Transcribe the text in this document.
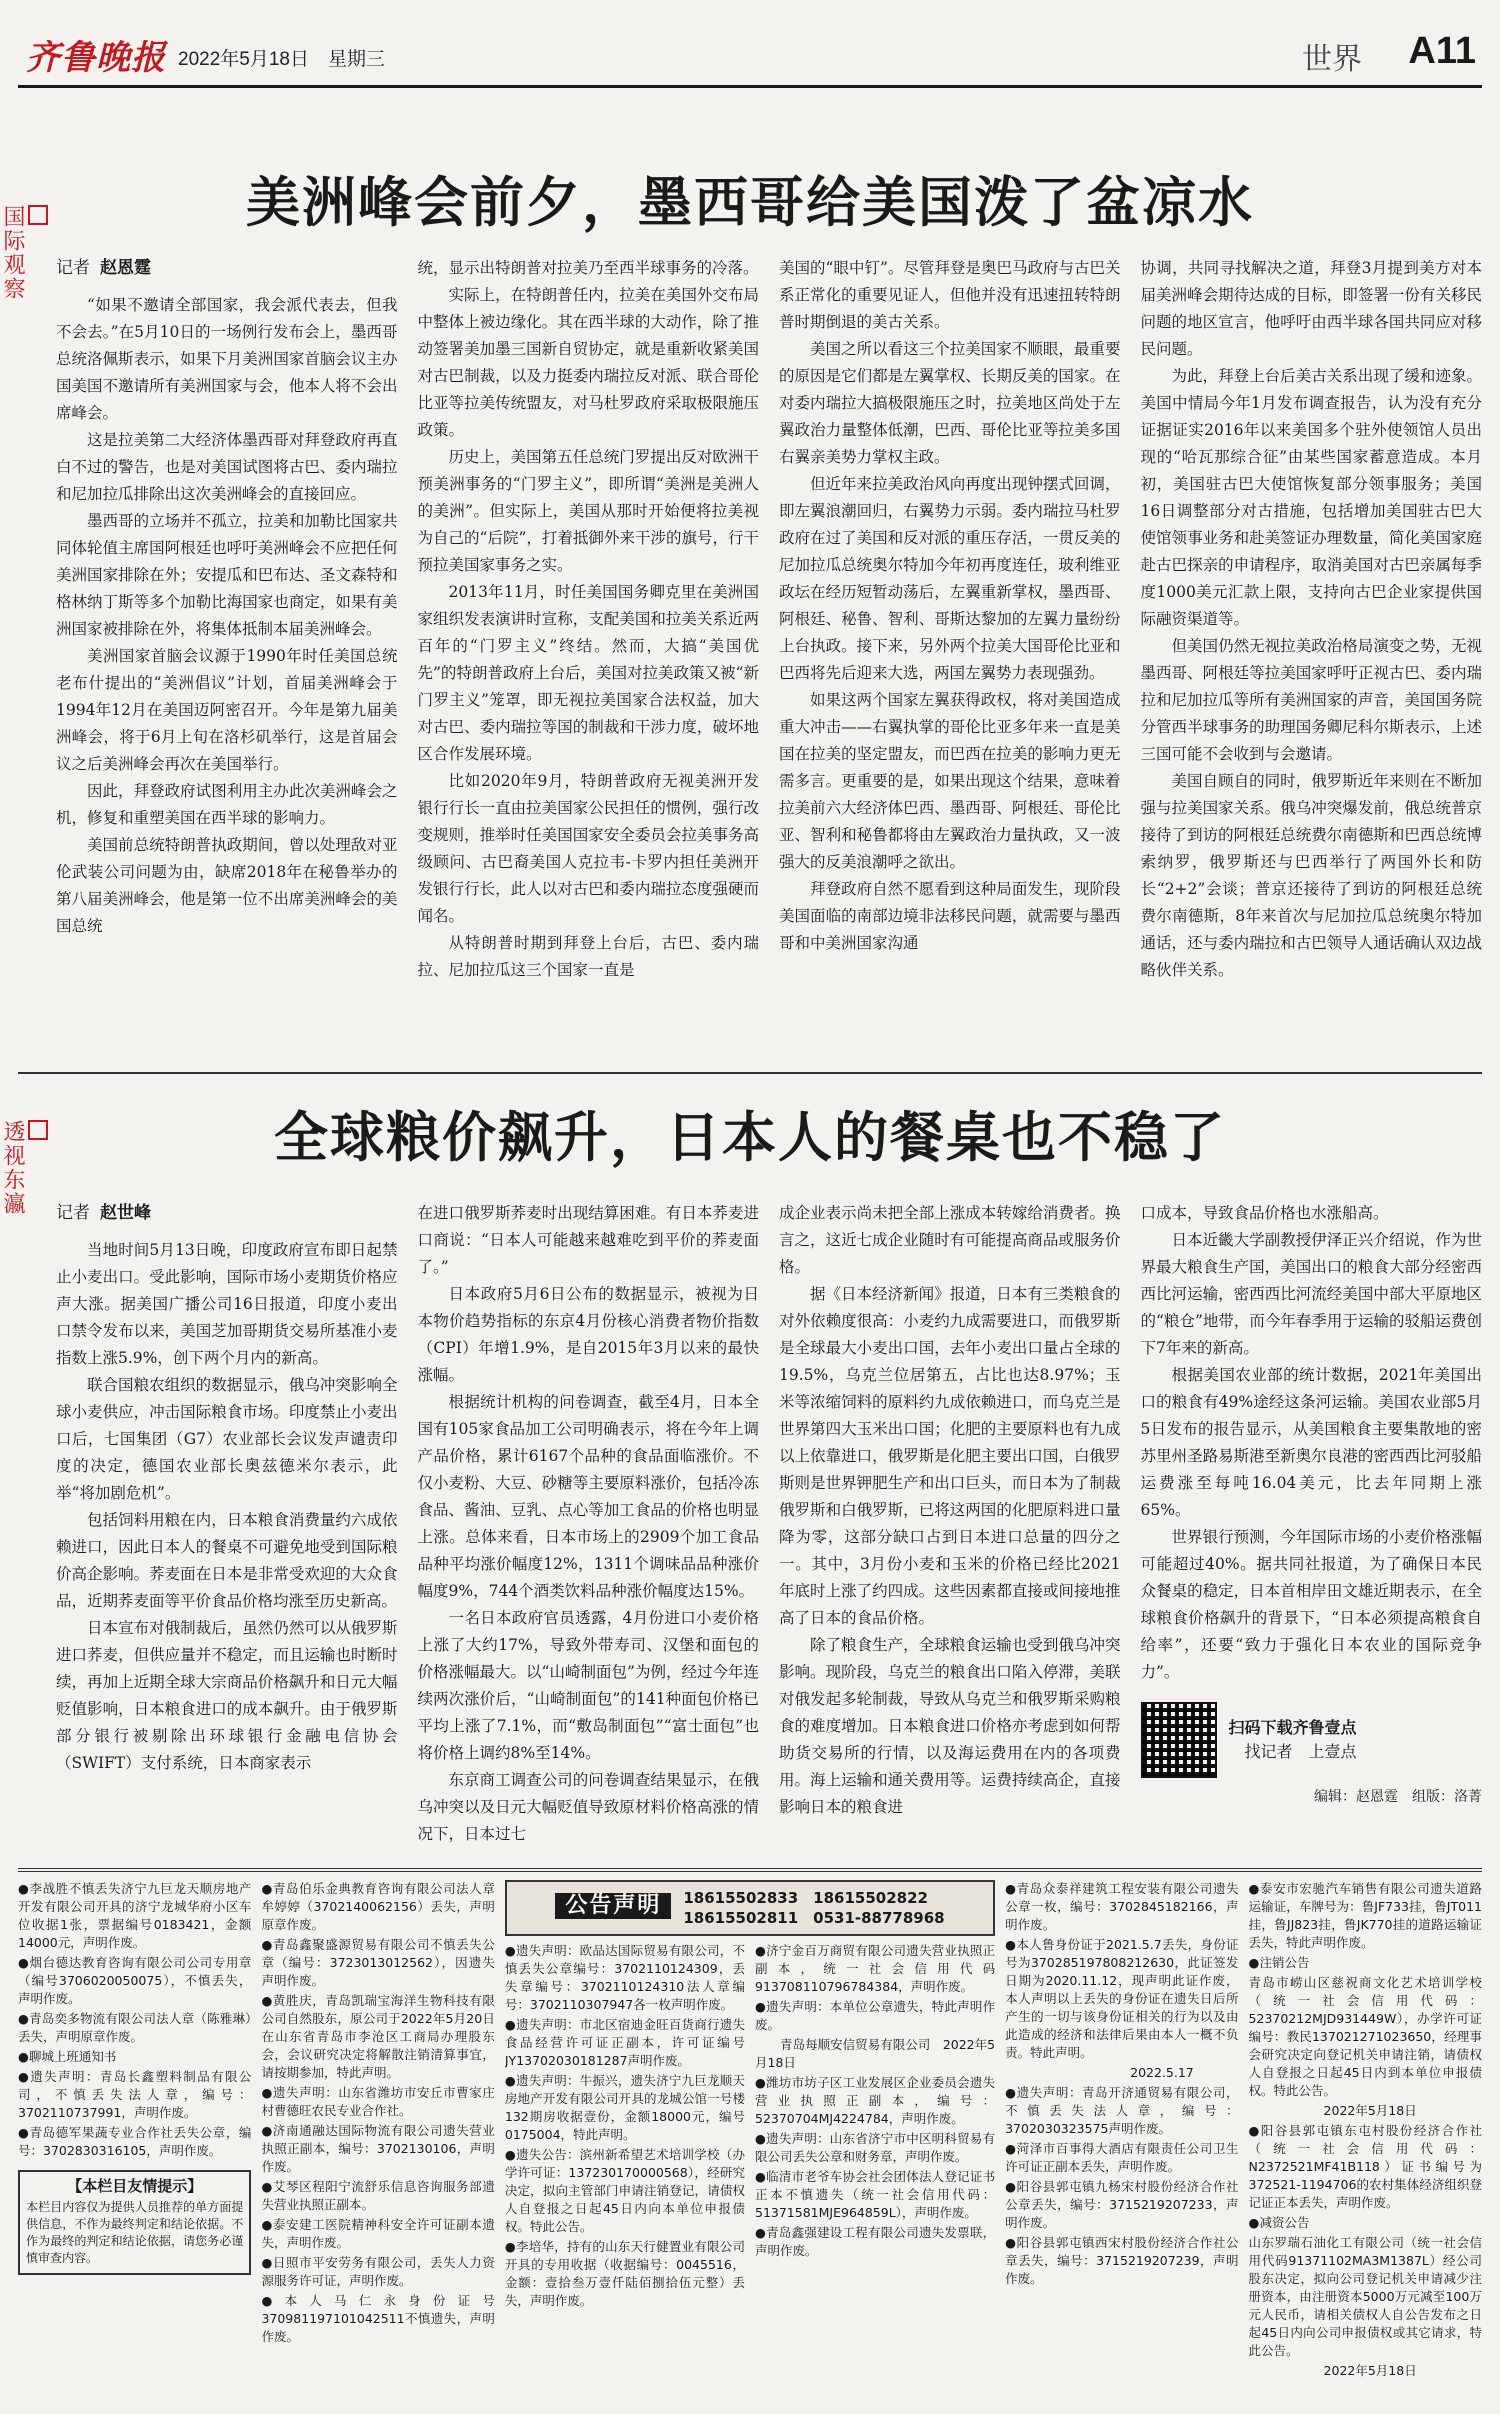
齐鲁晚报 2022年5月18日　星期三	世界 A11
国际观察
美洲峰会前夕，墨西哥给美国泼了盆凉水

记者 赵恩霆

“如果不邀请全部国家，我会派代表去，但我不会去。”在5月10日的一场例行发布会上，墨西哥总统洛佩斯表示，如果下月美洲国家首脑会议主办国美国不邀请所有美洲国家与会，他本人将不会出席峰会。

这是拉美第二大经济体墨西哥对拜登政府再直白不过的警告，也是对美国试图将古巴、委内瑞拉和尼加拉瓜排除出这次美洲峰会的直接回应。

墨西哥的立场并不孤立，拉美和加勒比国家共同体轮值主席国阿根廷也呼吁美洲峰会不应把任何美洲国家排除在外；安提瓜和巴布达、圣文森特和格林纳丁斯等多个加勒比海国家也商定，如果有美洲国家被排除在外，将集体抵制本届美洲峰会。

美洲国家首脑会议源于1990年时任美国总统老布什提出的“美洲倡议”计划，首届美洲峰会于1994年12月在美国迈阿密召开。今年是第九届美洲峰会，将于6月上旬在洛杉矶举行，这是首届会议之后美洲峰会再次在美国举行。

因此，拜登政府试图利用主办此次美洲峰会之机，修复和重塑美国在西半球的影响力。

美国前总统特朗普执政期间，曾以处理敌对亚伦武装公司问题为由，缺席2018年在秘鲁举办的第八届美洲峰会，他是第一位不出席美洲峰会的美国总统

统，显示出特朗普对拉美乃至西半球事务的冷落。

实际上，在特朗普任内，拉美在美国外交布局中整体上被边缘化。其在西半球的大动作，除了推动签署美加墨三国新自贸协定，就是重新收紧美国对古巴制裁，以及力挺委内瑞拉反对派、联合哥伦比亚等拉美传统盟友，对马杜罗政府采取极限施压政策。

历史上，美国第五任总统门罗提出反对欧洲干预美洲事务的“门罗主义”，即所谓“美洲是美洲人的美洲”。但实际上，美国从那时开始便将拉美视为自己的“后院”，打着抵御外来干涉的旗号，行干预拉美国家事务之实。

2013年11月，时任美国国务卿克里在美洲国家组织发表演讲时宣称，支配美国和拉美关系近两百年的“门罗主义”终结。然而，大搞“美国优先”的特朗普政府上台后，美国对拉美政策又被“新门罗主义”笼罩，即无视拉美国家合法权益，加大对古巴、委内瑞拉等国的制裁和干涉力度，破坏地区合作发展环境。

比如2020年9月，特朗普政府无视美洲开发银行行长一直由拉美国家公民担任的惯例，强行改变规则，推举时任美国国家安全委员会拉美事务高级顾问、古巴裔美国人克拉韦-卡罗内担任美洲开发银行行长，此人以对古巴和委内瑞拉态度强硬而闻名。

从特朗普时期到拜登上台后，古巴、委内瑞拉、尼加拉瓜这三个国家一直是

美国的“眼中钉”。尽管拜登是奥巴马政府与古巴关系正常化的重要见证人，但他并没有迅速扭转特朗普时期倒退的美古关系。

美国之所以看这三个拉美国家不顺眼，最重要的原因是它们都是左翼掌权、长期反美的国家。在对委内瑞拉大搞极限施压之时，拉美地区尚处于左翼政治力量整体低潮，巴西、哥伦比亚等拉美多国右翼亲美势力掌权主政。

但近年来拉美政治风向再度出现钟摆式回调，即左翼浪潮回归，右翼势力示弱。委内瑞拉马杜罗政府在过了美国和反对派的重压存活，一贯反美的尼加拉瓜总统奥尔特加今年初再度连任，玻利维亚政坛在经历短暂动荡后，左翼重新掌权，墨西哥、阿根廷、秘鲁、智利、哥斯达黎加的左翼力量纷纷上台执政。接下来，另外两个拉美大国哥伦比亚和巴西将先后迎来大选，两国左翼势力表现强劲。

如果这两个国家左翼获得政权，将对美国造成重大冲击——右翼执掌的哥伦比亚多年来一直是美国在拉美的坚定盟友，而巴西在拉美的影响力更无需多言。更重要的是，如果出现这个结果，意味着拉美前六大经济体巴西、墨西哥、阿根廷、哥伦比亚、智利和秘鲁都将由左翼政治力量执政，又一波强大的反美浪潮呼之欲出。

拜登政府自然不愿看到这种局面发生，现阶段美国面临的南部边境非法移民问题，就需要与墨西哥和中美洲国家沟通

协调，共同寻找解决之道，拜登3月提到美方对本届美洲峰会期待达成的目标，即签署一份有关移民问题的地区宣言，他呼吁由西半球各国共同应对移民问题。

为此，拜登上台后美古关系出现了缓和迹象。美国中情局今年1月发布调查报告，认为没有充分证据证实2016年以来美国多个驻外使领馆人员出现的“哈瓦那综合征”由某些国家蓄意造成。本月初，美国驻古巴大使馆恢复部分领事服务；美国16日调整部分对古措施，包括增加美国驻古巴大使馆领事业务和赴美签证办理数量，简化美国家庭赴古巴探亲的申请程序，取消美国对古巴亲属每季度1000美元汇款上限，支持向古巴企业家提供国际融资渠道等。

但美国仍然无视拉美政治格局演变之势，无视墨西哥、阿根廷等拉美国家呼吁正视古巴、委内瑞拉和尼加拉瓜等所有美洲国家的声音，美国国务院分管西半球事务的助理国务卿尼科尔斯表示，上述三国可能不会收到与会邀请。

美国自顾自的同时，俄罗斯近年来则在不断加强与拉美国家关系。俄乌冲突爆发前，俄总统普京接待了到访的阿根廷总统费尔南德斯和巴西总统博索纳罗，俄罗斯还与巴西举行了两国外长和防长“2+2”会谈；普京还接待了到访的阿根廷总统费尔南德斯，8年来首次与尼加拉瓜总统奥尔特加通话，还与委内瑞拉和古巴领导人通话确认双边战略伙伴关系。

透视东瀛	全球粮价飙升，日本人的餐桌也不稳了

记者 赵世峰

当地时间5月13日晚，印度政府宣布即日起禁止小麦出口。受此影响，国际市场小麦期货价格应声大涨。据美国广播公司16日报道，印度小麦出口禁令发布以来，美国芝加哥期货交易所基准小麦指数上涨5.9%，创下两个月内的新高。

联合国粮农组织的数据显示，俄乌冲突影响全球小麦供应，冲击国际粮食市场。印度禁止小麦出口后，七国集团（G7）农业部长会议发声谴责印度的决定，德国农业部长奥兹德米尔表示，此举“将加剧危机”。

包括饲料用粮在内，日本粮食消费量约六成依赖进口，因此日本人的餐桌不可避免地受到国际粮价高企影响。荞麦面在日本是非常受欢迎的大众食品，近期荞麦面等平价食品价格均涨至历史新高。

日本宣布对俄制裁后，虽然仍然可以从俄罗斯进口荞麦，但供应量并不稳定，而且运输也时断时续，再加上近期全球大宗商品价格飙升和日元大幅贬值影响，日本粮食进口的成本飙升。由于俄罗斯部分银行被剔除出环球银行金融电信协会（SWIFT）支付系统，日本商家表示

在进口俄罗斯荞麦时出现结算困难。有日本荞麦进口商说：“日本人可能越来越难吃到平价的荞麦面了。”

日本政府5月6日公布的数据显示，被视为日本物价趋势指标的东京4月份核心消费者物价指数（CPI）年增1.9%，是自2015年3月以来的最快涨幅。

根据统计机构的问卷调查，截至4月，日本全国有105家食品加工公司明确表示，将在今年上调产品价格，累计6167个品种的食品面临涨价。不仅小麦粉、大豆、砂糖等主要原料涨价，包括冷冻食品、酱油、豆乳、点心等加工食品的价格也明显上涨。总体来看，日本市场上的2909个加工食品品种平均涨价幅度12%，1311个调味品品种涨价幅度9%，744个酒类饮料品种涨价幅度达15%。

一名日本政府官员透露，4月份进口小麦价格上涨了大约17%，导致外带寿司、汉堡和面包的价格涨幅最大。以“山崎制面包”为例，经过今年连续两次涨价后，“山崎制面包”的141种面包价格已平均上涨了7.1%，而“敷岛制面包”“富士面包”也将价格上调约8%至14%。

东京商工调查公司的问卷调查结果显示，在俄乌冲突以及日元大幅贬值导致原材料价格高涨的情况下，日本过七

成企业表示尚未把全部上涨成本转嫁给消费者。换言之，这近七成企业随时有可能提高商品或服务价格。

据《日本经济新闻》报道，日本有三类粮食的对外依赖度很高：小麦约九成需要进口，而俄罗斯是全球最大小麦出口国，去年小麦出口量占全球的19.5%，乌克兰位居第五，占比也达8.97%；玉米等浓缩饲料的原料约九成依赖进口，而乌克兰是世界第四大玉米出口国；化肥的主要原料也有九成以上依靠进口，俄罗斯是化肥主要出口国，白俄罗斯则是世界钾肥生产和出口巨头，而日本为了制裁俄罗斯和白俄罗斯，已将这两国的化肥原料进口量降为零，这部分缺口占到日本进口总量的四分之一。其中，3月份小麦和玉米的价格已经比2021年底时上涨了约四成。这些因素都直接或间接地推高了日本的食品价格。

除了粮食生产，全球粮食运输也受到俄乌冲突影响。现阶段，乌克兰的粮食出口陷入停滞，美联对俄发起多轮制裁，导致从乌克兰和俄罗斯采购粮食的难度增加。日本粮食进口价格亦考虑到如何帮助货交易所的行情，以及海运费用在内的各项费用。海上运输和通关费用等。运费持续高企，直接影响日本的粮食进

口成本，导致食品价格也水涨船高。

日本近畿大学副教授伊泽正兴介绍说，作为世界最大粮食生产国，美国出口的粮食大部分经密西西比河运输，密西西比河流经美国中部大平原地区的“粮仓”地带，而今年春季用于运输的驳船运费创下7年来的新高。

根据美国农业部的统计数据，2021年美国出口的粮食有49%途经这条河运输。美国农业部5月5日发布的报告显示，从美国粮食主要集散地的密苏里州圣路易斯港至新奥尔良港的密西西比河驳船运费涨至每吨16.04美元，比去年同期上涨65%。

世界银行预测，今年国际市场的小麦价格涨幅可能超过40%。据共同社报道，为了确保日本民众餐桌的稳定，日本首相岸田文雄近期表示，在全球粮食价格飙升的背景下，“日本必须提高粮食自给率”，还要“致力于强化日本农业的国际竞争力”。

扫码下载齐鲁壹点
找记者　上壹点
编辑：赵恩霆　组版：洛菁

●李战胜不慎丢失济宁九巨龙天顺房地产开发有限公司开具的济宁龙城华府小区车位收据1张，票据编号0183421，金额14000元，声明作废。

●烟台德达教育咨询有限公司公司专用章（编号3706020050075），不慎丢失，声明作废。

●青岛奕多物流有限公司法人章（陈雅琳）丢失，声明原章作废。

●聊城上班通知书

●遗失声明：青岛长鑫塑料制品有限公司，不慎丢失法人章，编号：3702110737991，声明作废。

●青岛德军果蔬专业合作社丢失公章，编号：3702830316105，声明作废。

【本栏目友情提示】
本栏目内容仅为提供人员推荐的单方面提供信息，不作为最终判定和结论依据。不作为最终的判定和结论依据，请您务必谨慎审查内容。

●青岛伯乐金典教育咨询有限公司法人章牟婷婷（3702140062156）丢失，声明原章作废。

●青岛鑫聚盛源贸易有限公司不慎丢失公章（编号：3723013012562），因遗失声明作废。

●黄胜庆，青岛凯瑞宝海洋生物科技有限公司自然股东，原公司于2022年5月20日在山东省青岛市李沧区工商局办理股东会，会议研究决定将解散注销清算事宜，请按期参加，特此声明。

●遗失声明：山东省潍坊市安丘市曹家庄村曹德旺农民专业合作社。

●济南通融达国际物流有限公司遗失营业执照正副本，编号：3702130106，声明作废。

●艾琴区程阳宁流舒乐信息咨询服务部遗失营业执照正副本。

●泰安建工医院精神科安全许可证副本遗失，声明作废。

●日照市平安劳务有限公司，丢失人力资源服务许可证，声明作废。

●本人马仁永身份证号370981197101042511不慎遗失，声明作废。

公告声明 18615502833　18615502822
18615502811　0531-88778968

●遗失声明：欧品达国际贸易有限公司，不慎丢失公章编号：3702110124309，丢失章编号：3702110124310法人章编号：3702110307947各一枚声明作废。

●遗失声明：市北区宿迪金旺百货商行遗失食品经营许可证正副本，许可证编号JY13702030181287声明作废。

●遗失声明：牛振兴，遗失济宁九巨龙顺天房地产开发有限公司开具的龙城公馆一号楼132期房收据壹份，金额18000元，编号0175004，特此声明。

●遗失公告：滨州新希望艺术培训学校（办学许可证：137230170000568），经研究决定，拟向主管部门申请注销登记，请债权人自登报之日起45日内向本单位申报债权。特此公告。

●李培华，持有的山东天行健置业有限公司开具的专用收据（收据编号：0045516，金额：壹拾叁万壹仟陆佰捌拾伍元整）丢失，声明作废。

●济宁金百万商贸有限公司遗失营业执照正副本，统一社会信用代码913708110796784384，声明作废。

●遗失声明：本单位公章遗失，特此声明作废。

　　青岛每顺安信贸易有限公司　2022年5月18日

●潍坊市坊子区工业发展区企业委员会遗失营业执照正副本，编号：52370704MJ4224784，声明作废。

●遗失声明：山东省济宁市中区明科贸易有限公司丢失公章和财务章，声明作废。

●临清市老爷车协会社会团体法人登记证书正本不慎遗失（统一社会信用代码：51371581MJE964859L），声明作废。

●青岛鑫强建设工程有限公司遗失发票联，声明作废。

●青岛众泰祥建筑工程安装有限公司遗失公章一枚，编号：3702845182166，声明作废。

●本人鲁身份证于2021.5.7丢失，身份证号为370285197808212630，此证签发日期为2020.11.12，现声明此证作废，本人声明以上丢失的身份证在遗失日后所产生的一切与该身份证相关的行为以及由此造成的经济和法律后果由本人一概不负责。特此声明。

　　　　　　　　　　2022.5.17

●遗失声明：青岛开济通贸易有限公司，不慎丢失法人章，编号：3702030323575声明作废。

●菏泽市百事得大酒店有限责任公司卫生许可证正副本丢失，声明作废。

●阳谷县郭屯镇九杨宋村股份经济合作社公章丢失，编号：3715219207233，声明作废。

●阳谷县郭屯镇西宋村股份经济合作社公章丢失，编号：3715219207239，声明作废。

●泰安市宏驰汽车销售有限公司遗失道路运输证，车牌号为：鲁JF733挂，鲁JT011挂，鲁JJ823挂，鲁JK770挂的道路运输证丢失，特此声明作废。

●注销公告

青岛市崂山区慈祝商文化艺术培训学校（统一社会信用代码：52370212MJD931449W），办学许可证编号：教民137021271023650，经理事会研究决定向登记机关申请注销，请债权人自登报之日起45日内到本单位申报债权。特此公告。

　　　　　　2022年5月18日

●阳谷县郭屯镇东屯村股份经济合作社（统一社会信用代码：N2372521MF41B118）证书编号为372521-1194706的农村集体经济组织登记证正本丢失，声明作废。

●减资公告

山东罗瑞石油化工有限公司（统一社会信用代码91371102MA3M1387L）经公司股东决定，拟向公司登记机关申请减少注册资本，由注册资本5000万元减至100万元人民币，请相关债权人自公告发布之日起45日内向公司申报债权或其它请求，特此公告。

　　　　　　2022年5月18日
